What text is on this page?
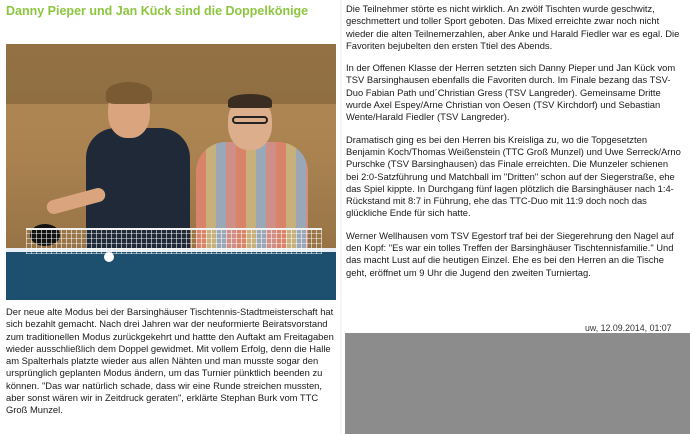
Danny Pieper und Jan Kück sind die Doppelkönige

Der neue alte Modus bei der Barsinghäuser Tischtennis-Stadtmeisterschaft hat sich bezahlt gemacht. Nach drei Jahren war der neuformierte Beiratsvorstand zum traditionellen Modus zurückgekehrt und hattte den Auftakt am Freitagaben wieder ausschließlich dem Doppel gewidmet. Mit vollem Erfolg, denn die Halle am Spalterhals platzte wieder aus allen Nähten und man musste sogar den ursprünglich geplanten Modus ändern, um das Turnier pünktlich beenden zu können. "Das war natürlich schade, dass wir eine Runde streichen mussten, aber sonst wären wir in Zeitdruck geraten", erklärte Stephan Burk vom TTC Groß Munzel.

Die Teilnehmer störte es nicht wirklich. An zwölf Tischten wurde geschwitz, geschmettert und toller Sport geboten. Das Mixed erreichte zwar noch nicht wieder die alten Teilnemerzahlen, aber Anke und Harald Fiedler war es egal. Die Favoriten bejubelten den ersten Ttiel des Abends.

In der Offenen Klasse der Herren setzten sich Danny Pieper und Jan Kück vom TSV Barsinghausen ebenfalls die Favoriten durch. Im Finale bezang das TSV-Duo Fabian Path und´Christian Gress (TSV Langreder). Gemeinsame Dritte wurde Axel Espey/Arne Christian von Oesen (TSV Kirchdorf) und Sebastian Wente/Harald Fiedler (TSV Langreder).

Dramatisch ging es bei den Herren bis Kreisliga zu, wo die Topgesetzten Benjamin Koch/Thomas Weißenstein (TTC Groß Munzel) und Uwe Serreck/Arno Purschke (TSV Barsinghausen) das Finale erreichten. Die Munzeler schienen bei 2:0-Satzführung und Matchball im "Dritten" schon auf der Siegerstraße, ehe das Spiel kippte. In Durchgang fünf lagen plötzlich die Barsinghäuser nach 1:4-Rückstand mit 8:7 in Führung, ehe das TTC-Duo mit 11:9 doch noch das glückliche Ende für sich hatte.

Werner Wellhausen vom TSV Egestorf traf bei der Siegerehrung den Nagel auf den Kopf: "Es war ein tolles Treffen der Barsinghäuser Tischtennisfamilie." Und das macht Lust auf die heutigen Einzel. Ehe es bei den Herren an die Tische geht, eröffnet um 9 Uhr die Jugend den zweiten Turniertag.

uw, 12.09.2014, 01:07
